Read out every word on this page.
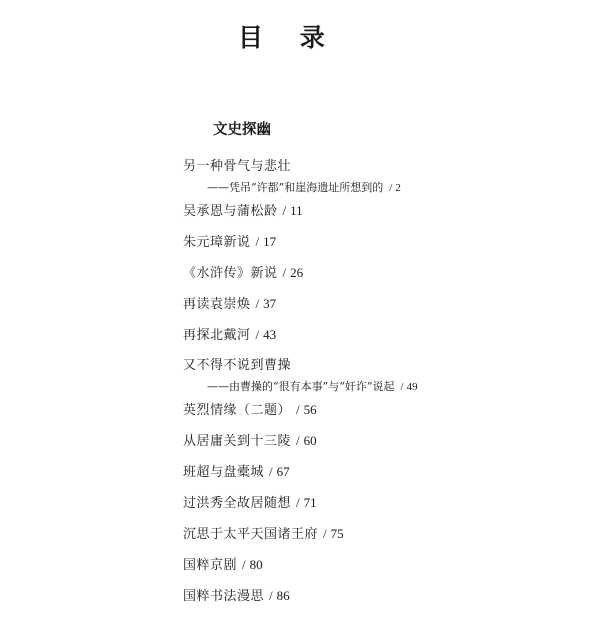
目 录
文史探幽
另一种骨气与悲壮
——凭吊“许都”和崖海遗址所想到的 / 2
吴承恩与蒲松龄 / 11
朱元璋新说 / 17
《水浒传》新说 / 26
再读袁崇焕 / 37
再探北戴河 / 43
又不得不说到曹操
——由曹操的“很有本事”与“奸诈”说起 / 49
英烈情缘（二题） / 56
从居庸关到十三陵 / 60
班超与盘橐城 / 67
过洪秀全故居随想 / 71
沉思于太平天国诸王府 / 75
国粹京剧 / 80
国粹书法漫思 / 86
